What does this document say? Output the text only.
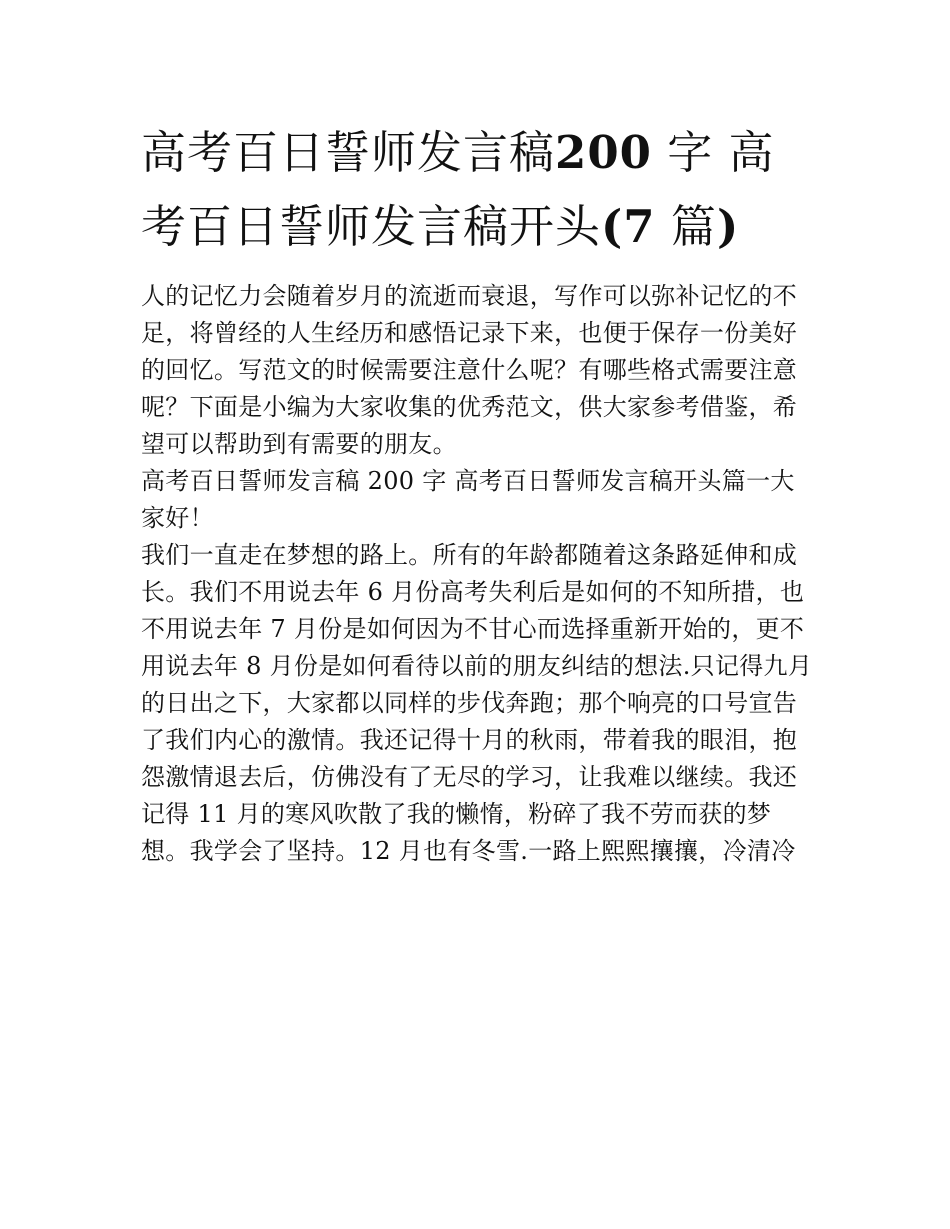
高考百日誓师发言稿200 字 高考百日誓师发言稿开头(7 篇)

人的记忆力会随着岁月的流逝而衰退，写作可以弥补记忆的不足，将曾经的人生经历和感悟记录下来，也便于保存一份美好的回忆。写范文的时候需要注意什么呢？有哪些格式需要注意呢？下面是小编为大家收集的优秀范文，供大家参考借鉴，希望可以帮助到有需要的朋友。

高考百日誓师发言稿 200 字 高考百日誓师发言稿开头篇一大家好！

我们一直走在梦想的路上。所有的年龄都随着这条路延伸和成长。我们不用说去年 6 月份高考失利后是如何的不知所措，也不用说去年 7 月份是如何因为不甘心而选择重新开始的，更不用说去年 8 月份是如何看待以前的朋友纠结的想法.只记得九月的日出之下，大家都以同样的步伐奔跑；那个响亮的口号宣告了我们内心的激情。我还记得十月的秋雨，带着我的眼泪，抱怨激情退去后，仿佛没有了无尽的学习，让我难以继续。我还记得 11 月的寒风吹散了我的懒惰，粉碎了我不劳而获的梦想。我学会了坚持。12 月也有冬雪.一路上熙熙攘攘，冷清冷
